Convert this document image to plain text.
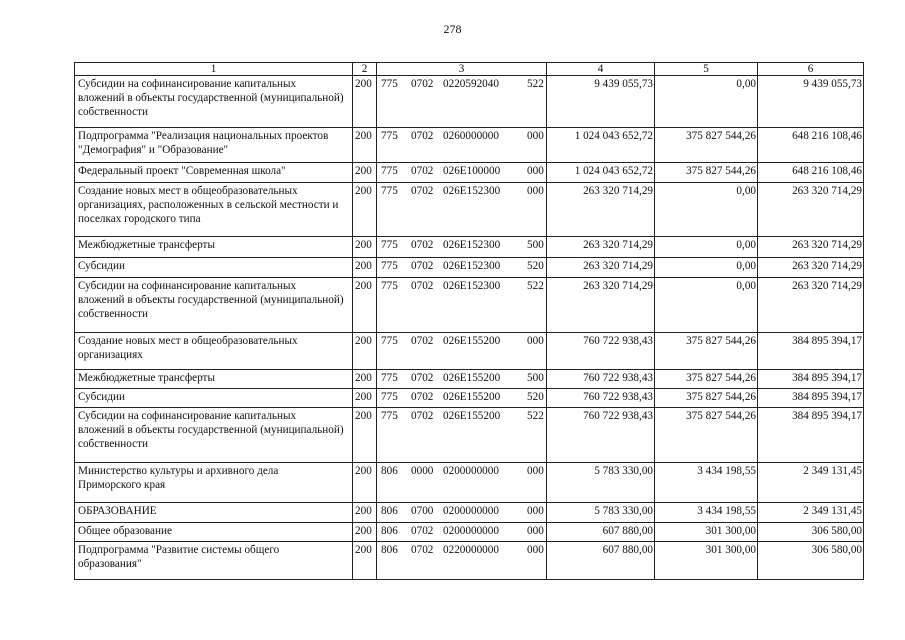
278
1	2	3	4	5	6
Субсидии на софинансирование капитальных вложений в объекты государственной (муниципальной) собственности	200	775 0702 0220592040 522	9 439 055,73	0,00	9 439 055,73
Подпрограмма "Реализация национальных проектов "Демография" и "Образование"	200	775 0702 0260000000 000	1 024 043 652,72	375 827 544,26	648 216 108,46
Федеральный проект "Современная школа"	200	775 0702 026E100000 000	1 024 043 652,72	375 827 544,26	648 216 108,46
Создание новых мест в общеобразовательных организациях, расположенных в сельской местности и поселках городского типа	200	775 0702 026E152300 000	263 320 714,29	0,00	263 320 714,29
Межбюджетные трансферты	200	775 0702 026E152300 500	263 320 714,29	0,00	263 320 714,29
Субсидии	200	775 0702 026E152300 520	263 320 714,29	0,00	263 320 714,29
Субсидии на софинансирование капитальных вложений в объекты государственной (муниципальной) собственности	200	775 0702 026E152300 522	263 320 714,29	0,00	263 320 714,29
Создание новых мест в общеобразовательных организациях	200	775 0702 026E155200 000	760 722 938,43	375 827 544,26	384 895 394,17
Межбюджетные трансферты	200	775 0702 026E155200 500	760 722 938,43	375 827 544,26	384 895 394,17
Субсидии	200	775 0702 026E155200 520	760 722 938,43	375 827 544,26	384 895 394,17
Субсидии на софинансирование капитальных вложений в объекты государственной (муниципальной) собственности	200	775 0702 026E155200 522	760 722 938,43	375 827 544,26	384 895 394,17
Министерство культуры и архивного дела Приморского края	200	806 0000 0200000000 000	5 783 330,00	3 434 198,55	2 349 131,45
ОБРАЗОВАНИЕ	200	806 0700 0200000000 000	5 783 330,00	3 434 198,55	2 349 131,45
Общее образование	200	806 0702 0200000000 000	607 880,00	301 300,00	306 580,00
Подпрограмма "Развитие системы общего образования"	200	806 0702 0220000000 000	607 880,00	301 300,00	306 580,00
